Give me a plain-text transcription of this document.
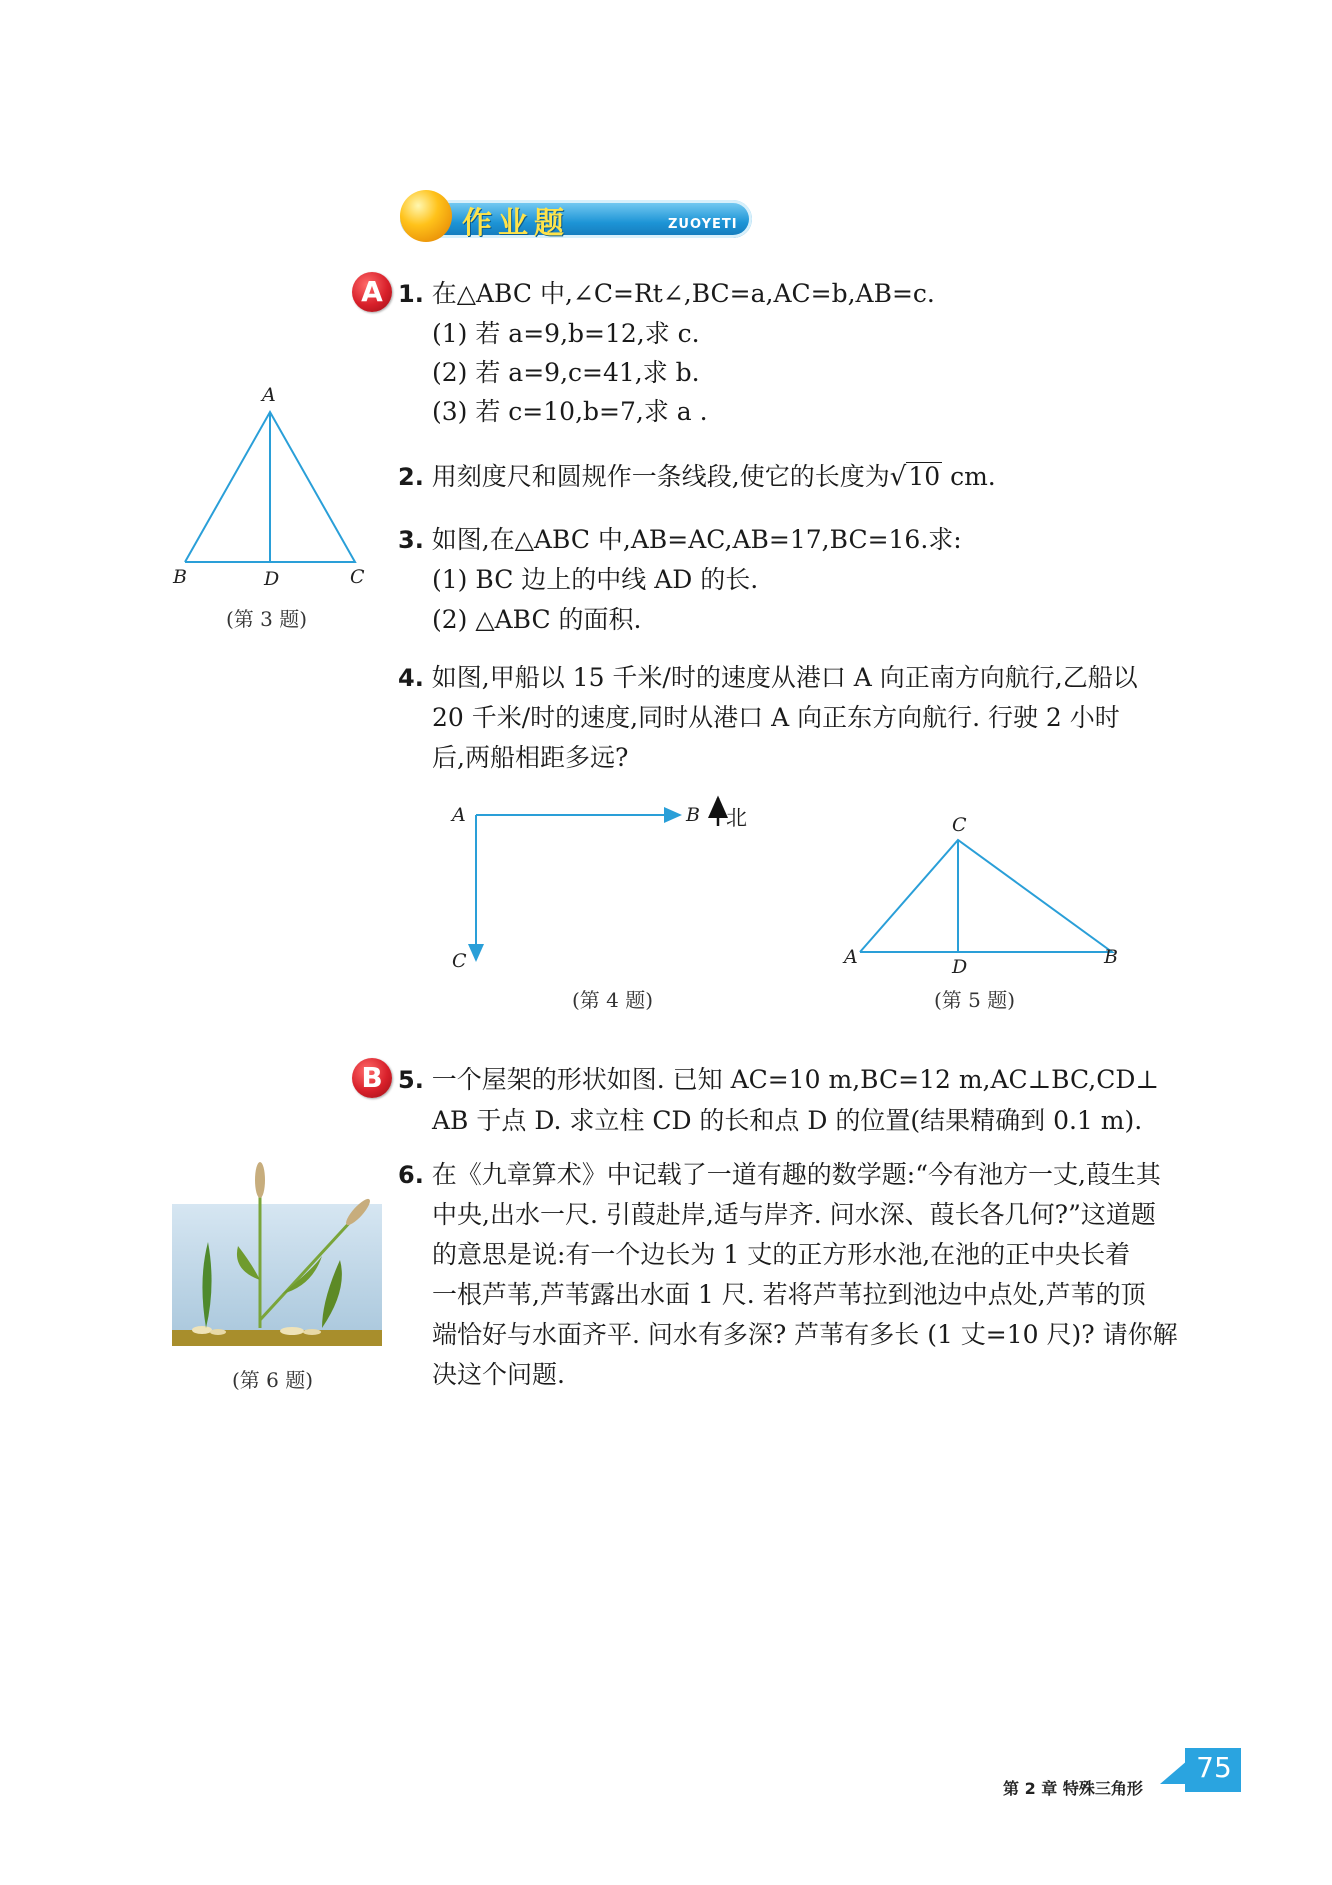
作业题	ZUOYETI
A 1. 在△ABC 中,∠C=Rt∠,BC=a,AC=b,AB=c.
(1) 若 a=9,b=12,求 c.
(2) 若 a=9,c=41,求 b.
(3) 若 c=10,b=7,求 a .
2. 用刻度尺和圆规作一条线段,使它的长度为√10 cm.
3. 如图,在△ABC 中,AB=AC,AB=17,BC=16.求:
(1) BC 边上的中线 AD 的长.
(2) △ABC 的面积.
A
B	D	C
(第 3 题)
4. 如图,甲船以 15 千米/时的速度从港口 A 向正南方向航行,乙船以
20 千米/时的速度,同时从港口 A 向正东方向航行. 行驶 2 小时
后,两船相距多远?
A	B
C
北
(第 4 题)
C
A	D	B
(第 5 题)
B 5. 一个屋架的形状如图. 已知 AC=10 m,BC=12 m,AC⊥BC,CD⊥
AB 于点 D. 求立柱 CD 的长和点 D 的位置(结果精确到 0.1 m).
6. 在《九章算术》中记载了一道有趣的数学题:“今有池方一丈,葭生其
中央,出水一尺. 引葭赴岸,适与岸齐. 问水深、葭长各几何?”这道题
的意思是说:有一个边长为 1 丈的正方形水池,在池的正中央长着
一根芦苇,芦苇露出水面 1 尺. 若将芦苇拉到池边中点处,芦苇的顶
端恰好与水面齐平. 问水有多深? 芦苇有多长 (1 丈=10 尺)? 请你解
决这个问题.
(第 6 题)
第 2 章 特殊三角形
75
